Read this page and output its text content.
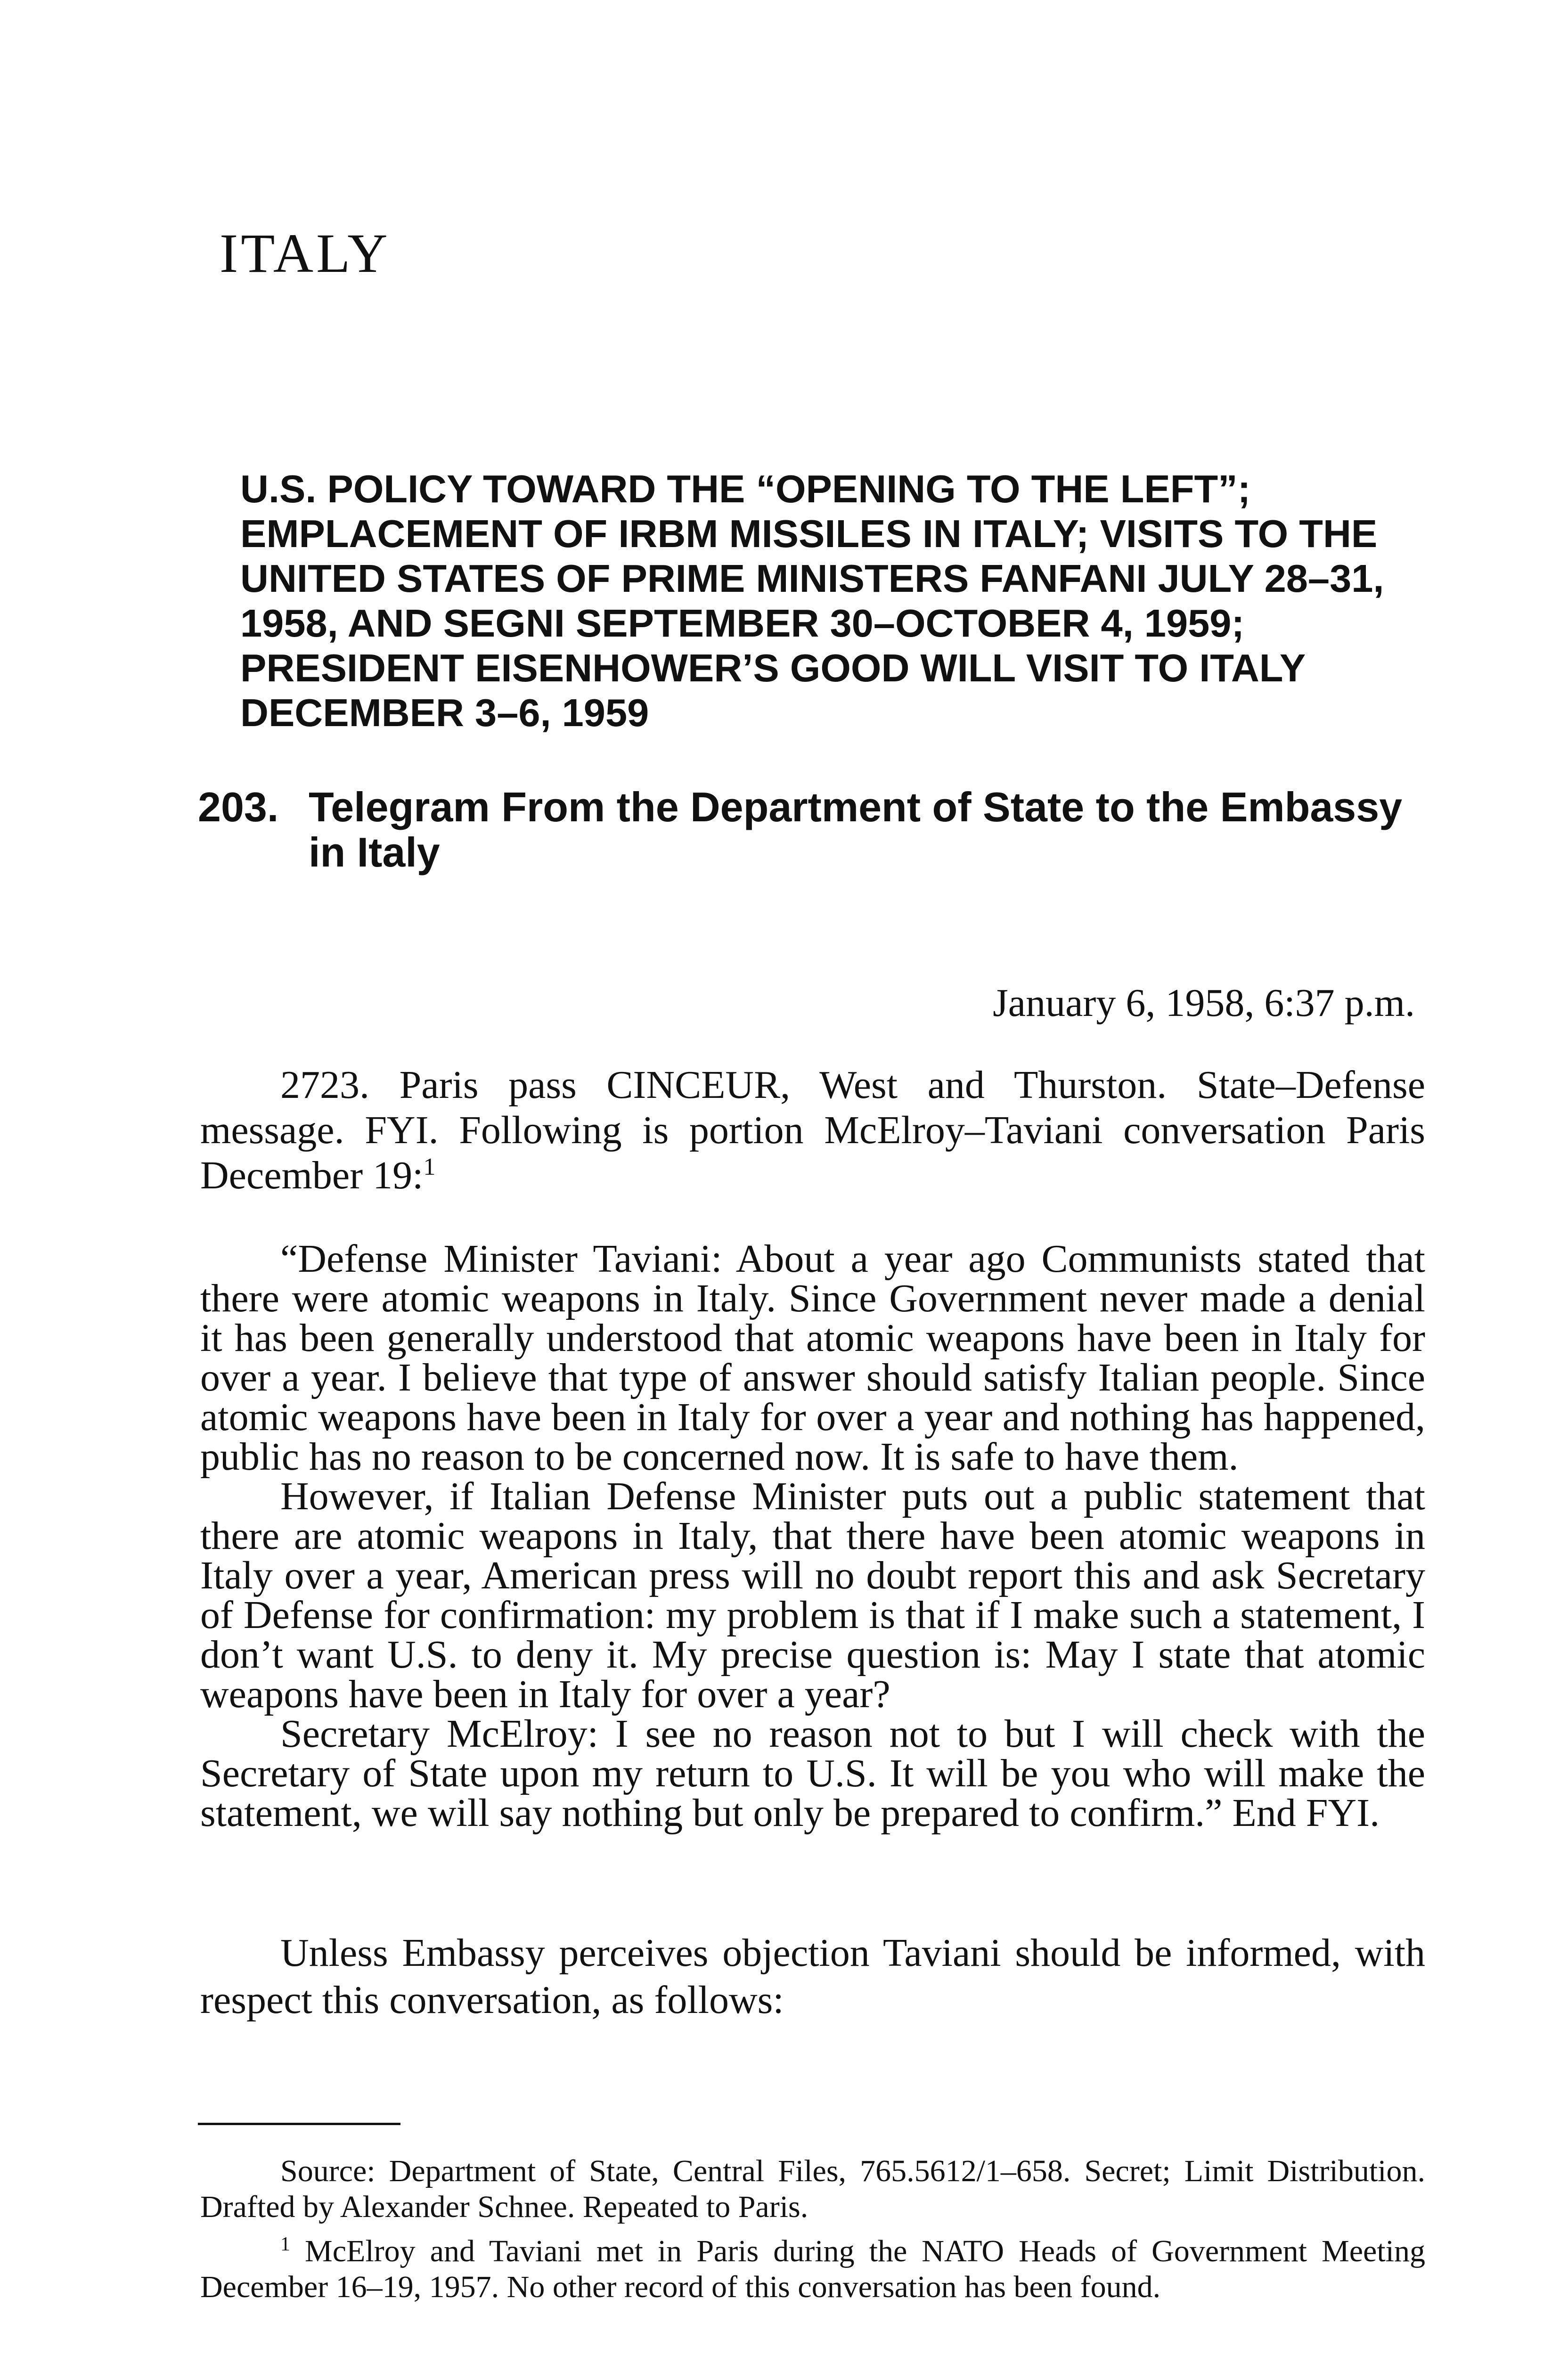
ITALY
U.S. POLICY TOWARD THE “OPENING TO THE LEFT”; EMPLACEMENT OF IRBM MISSILES IN ITALY; VISITS TO THE UNITED STATES OF PRIME MINISTERS FANFANI JULY 28–31, 1958, AND SEGNI SEPTEMBER 30–OCTOBER 4, 1959; PRESIDENT EISENHOWER’S GOOD WILL VISIT TO ITALY DECEMBER 3–6, 1959
203. Telegram From the Department of State to the Embassy in Italy

January 6, 1958, 6:37 p.m.

2723. Paris pass CINCEUR, West and Thurston. State–Defense message. FYI. Following is portion McElroy–Taviani conversation Paris December 19:$^1$

“Defense Minister Taviani: About a year ago Communists stated that there were atomic weapons in Italy. Since Government never made a denial it has been generally understood that atomic weapons have been in Italy for over a year. I believe that type of answer should satisfy Italian people. Since atomic weapons have been in Italy for over a year and nothing has happened, public has no reason to be concerned now. It is safe to have them.

However, if Italian Defense Minister puts out a public statement that there are atomic weapons in Italy, that there have been atomic weapons in Italy over a year, American press will no doubt report this and ask Secretary of Defense for confirmation: my problem is that if I make such a statement, I don’t want U.S. to deny it. My precise question is: May I state that atomic weapons have been in Italy for over a year?

Secretary McElroy: I see no reason not to but I will check with the Secretary of State upon my return to U.S. It will be you who will make the statement, we will say nothing but only be prepared to confirm.” End FYI.

Unless Embassy perceives objection Taviani should be informed, with respect this conversation, as follows:

Source: Department of State, Central Files, 765.5612/1–658. Secret; Limit Distribution. Drafted by Alexander Schnee. Repeated to Paris.

$^1$ McElroy and Taviani met in Paris during the NATO Heads of Government Meeting December 16–19, 1957. No other record of this conversation has been found.
